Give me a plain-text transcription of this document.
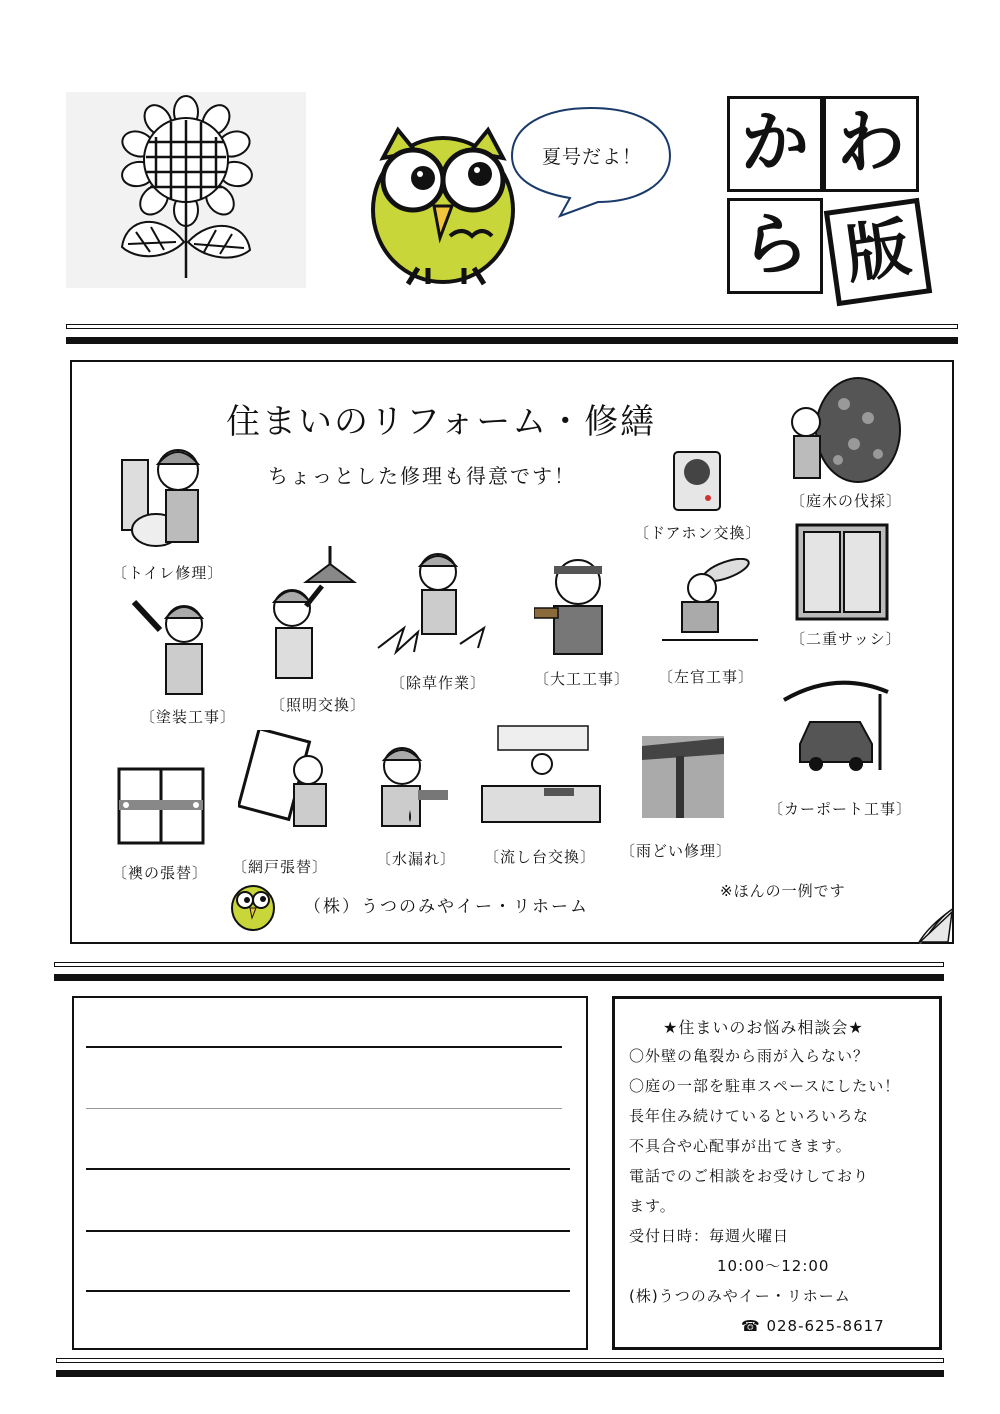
夏号だよ！ か わ
ら 版
住まいのリフォーム・修繕
ちょっとした修理も得意です！
〔トイレ修理〕
〔ドアホン交換〕
〔庭木の伐採〕
〔塗装工事〕
〔照明交換〕
〔除草作業〕	〔大工工事〕 〔左官工事〕
〔二重サッシ〕
〔襖の張替〕 〔網戸張替〕	〔水漏れ〕 〔流し台交換〕 〔雨どい修理〕
〔カーポート工事〕
（株）うつのみやイー・リホーム
※ほんの一例です
★住まいのお悩み相談会★
〇外壁の亀裂から雨が入らない？
〇庭の一部を駐車スペースにしたい！
長年住み続けているといろいろな
不具合や心配事が出てきます。
電話でのご相談をお受けしており
ます。
受付日時：毎週火曜日
10:00～12:00
(株)うつのみやイー・リホーム
☎ 028-625-8617
